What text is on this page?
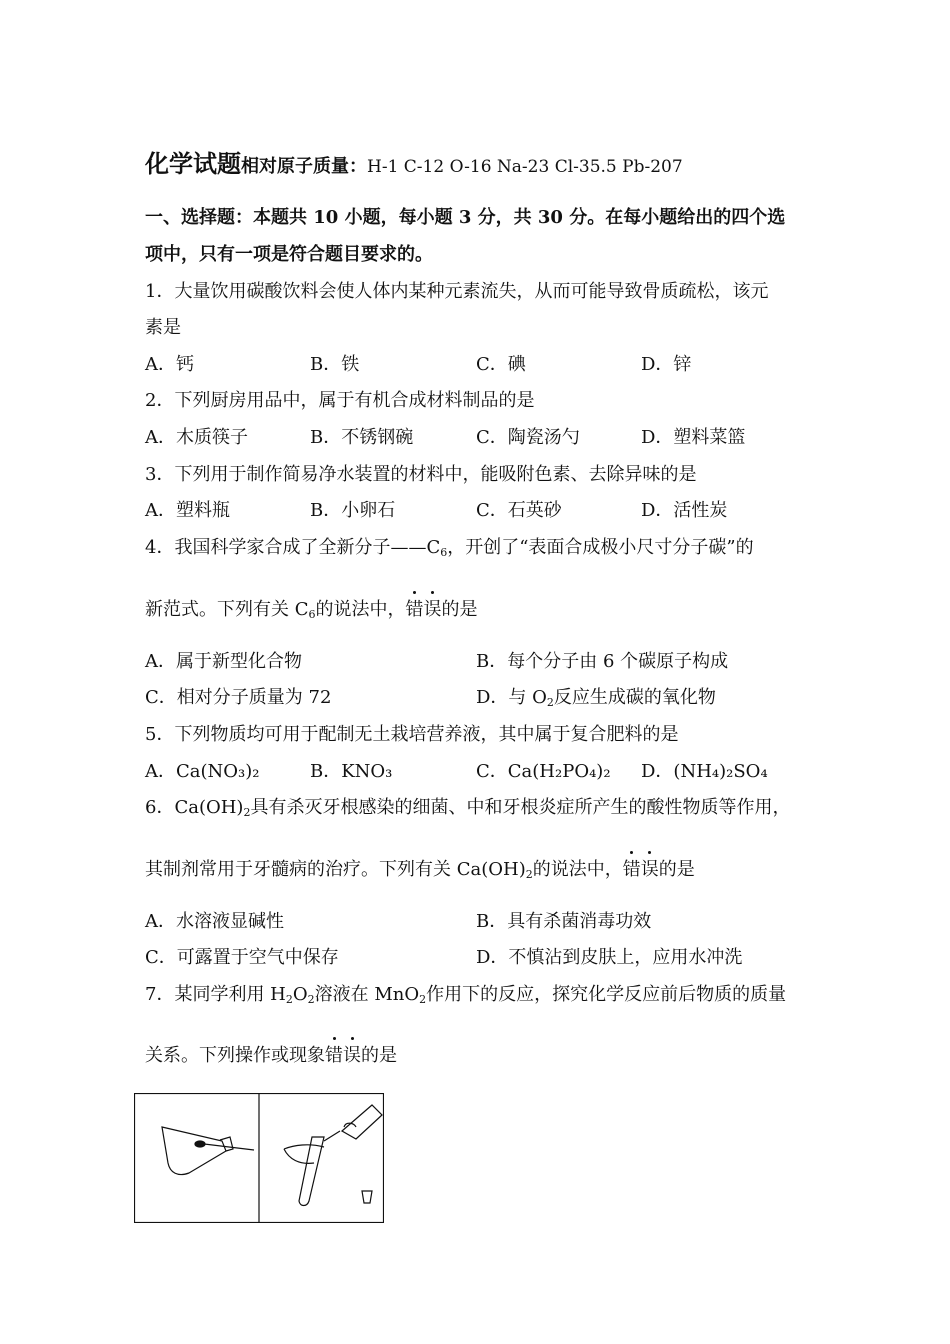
化学试题相对原子质量：H-1 C-12 O-16 Na-23 Cl-35.5 Pb-207
一、选择题：本题共 10 小题，每小题 3 分，共 30 分。在每小题给出的四个选
项中，只有一项是符合题目要求的。
1．大量饮用碳酸饮料会使人体内某种元素流失，从而可能导致骨质疏松，该元
素是
A．钙	B．铁	C．碘	D．锌
2．下列厨房用品中，属于有机合成材料制品的是
A．木质筷子	B．不锈钢碗	C．陶瓷汤勺	D．塑料菜篮
3．下列用于制作简易净水装置的材料中，能吸附色素、去除异味的是
A．塑料瓶	B．小卵石	C．石英砂	D．活性炭
4．我国科学家合成了全新分子$——C_6$，开创了“表面合成极小尺寸分子碳”的
新范式。下列有关 $C_6$的说法中，错误的是
A．属于新型化合物	B．每个分子由 6 个碳原子构成
C．相对分子质量为 72	D．与 $O_2$反应生成碳的氧化物
5．下列物质均可用于配制无土栽培营养液，其中属于复合肥料的是
A．Ca(NO₃)₂	B．KNO₃	C．Ca(H₂PO₄)₂ D．(NH₄)₂SO₄
6．$Ca(OH)_2$具有杀灭牙根感染的细菌、中和牙根炎症所产生的酸性物质等作用，
其制剂常用于牙髓病的治疗。下列有关 $Ca(OH)_2$的说法中，错误的是
A．水溶液显碱性	B．具有杀菌消毒功效
C．可露置于空气中保存	D．不慎沾到皮肤上，应用水冲洗
7．某同学利用 $H_2O_2$溶液在 MnO$_2$作用下的反应，探究化学反应前后物质的质量
关系。下列操作或现象错误的是
